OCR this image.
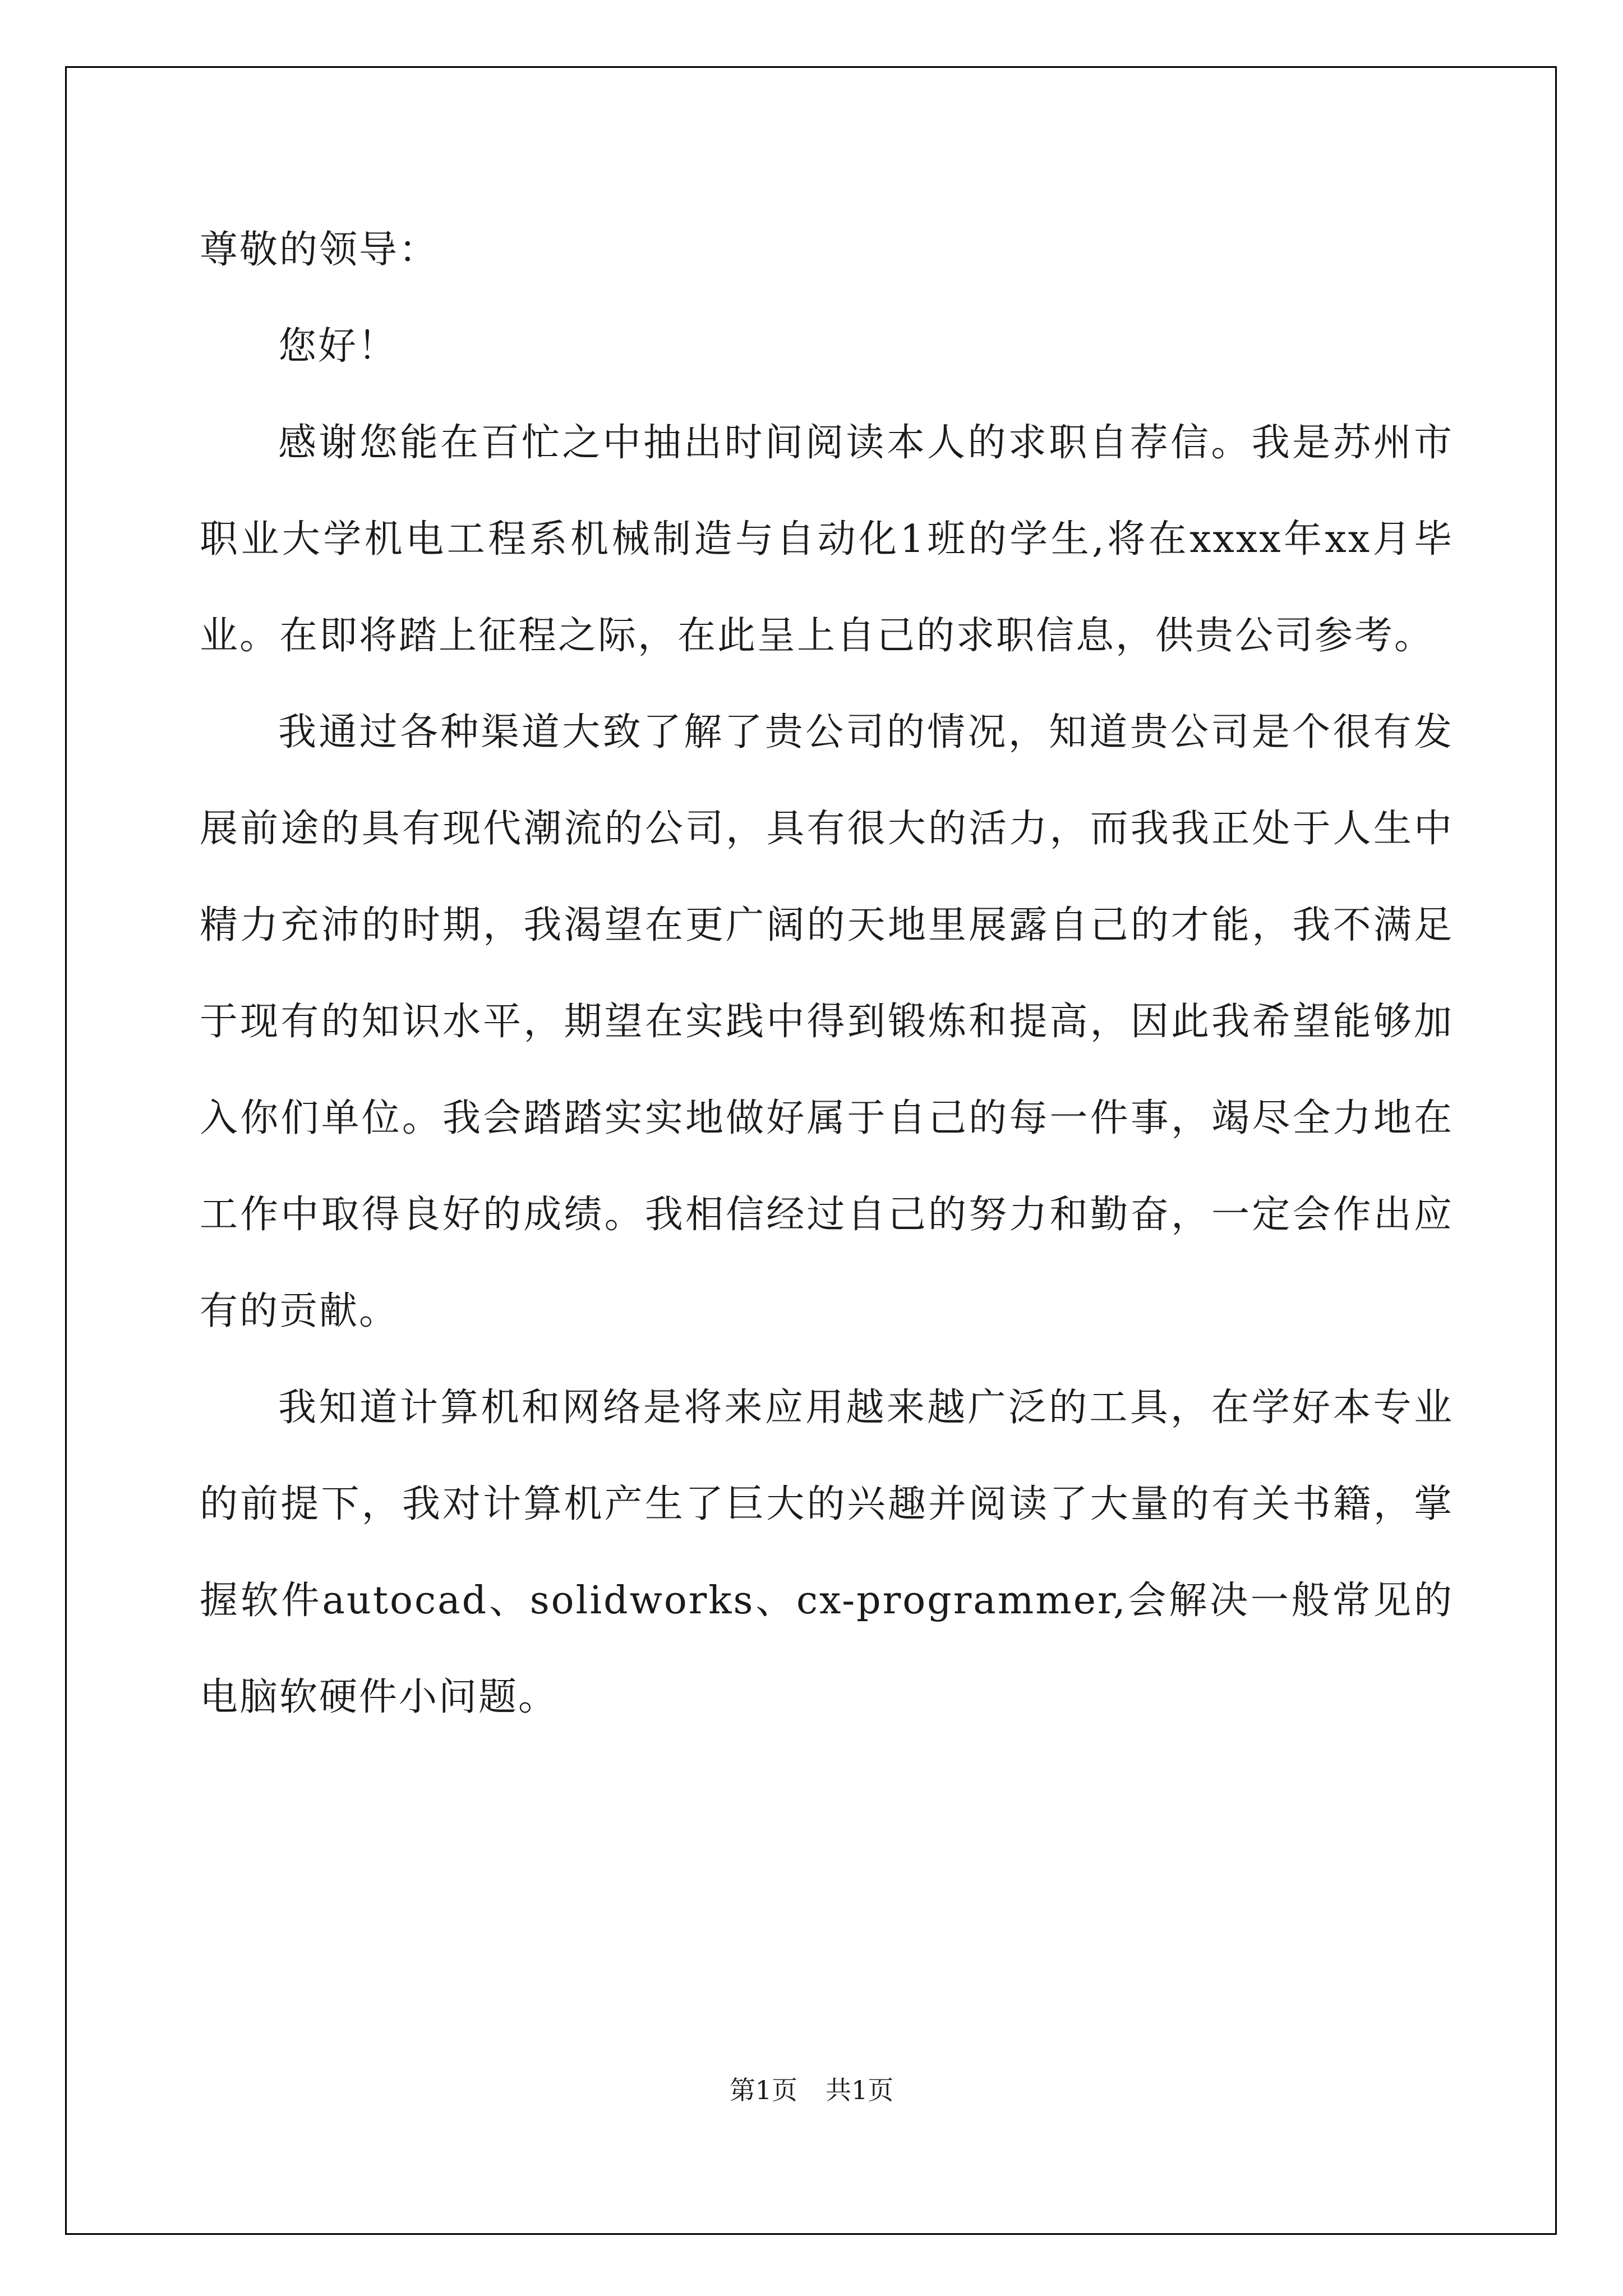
尊敬的领导：

您好！

感谢您能在百忙之中抽出时间阅读本人的求职自荐信。我是苏州市职业大学机电工程系机械制造与自动化1班的学生,将在xxxx年xx月毕业。在即将踏上征程之际，在此呈上自己的求职信息，供贵公司参考。

我通过各种渠道大致了解了贵公司的情况，知道贵公司是个很有发展前途的具有现代潮流的公司，具有很大的活力，而我我正处于人生中精力充沛的时期，我渴望在更广阔的天地里展露自己的才能，我不满足于现有的知识水平，期望在实践中得到锻炼和提高，因此我希望能够加入你们单位。我会踏踏实实地做好属于自己的每一件事，竭尽全力地在工作中取得良好的成绩。我相信经过自己的努力和勤奋，一定会作出应有的贡献。

我知道计算机和网络是将来应用越来越广泛的工具，在学好本专业的前提下，我对计算机产生了巨大的兴趣并阅读了大量的有关书籍，掌握软件autocad、solidworks、cx-programmer,会解决一般常见的电脑软硬件小问题。

第1页 共1页
